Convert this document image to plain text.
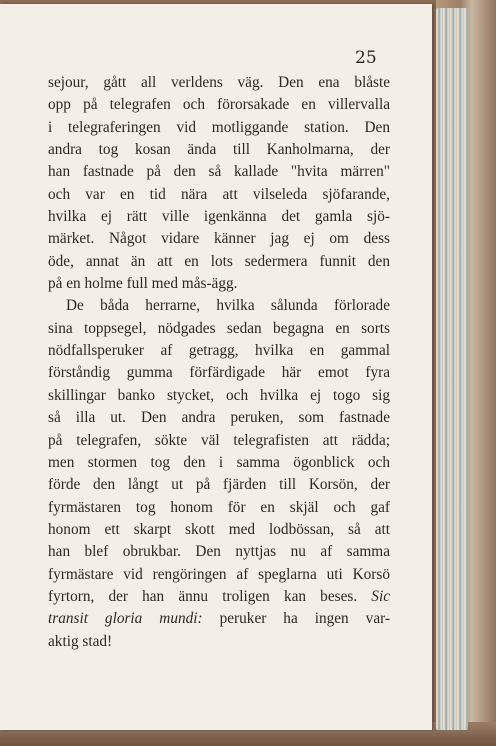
25
sejour, gått all verldens väg. Den ena blåste
opp på telegrafen och förorsakade en villervalla
i telegraferingen vid motliggande station. Den
andra tog kosan ända till Kanholmarna, der
han fastnade på den så kallade "hvita märren"
och var en tid nära att vilseleda sjöfarande,
hvilka ej rätt ville igenkänna det gamla sjö-
märket. Något vidare känner jag ej om dess
öde, annat än att en lots sedermera funnit den
på en holme full med mås-ägg.
De båda herrarne, hvilka sålunda förlorade
sina toppsegel, nödgades sedan begagna en sorts
nödfallsperuker af getragg, hvilka en gammal
förståndig gumma förfärdigade här emot fyra
skillingar banko stycket, och hvilka ej togo sig
så illa ut. Den andra peruken, som fastnade
på telegrafen, sökte väl telegrafisten att rädda;
men stormen tog den i samma ögonblick och
förde den långt ut på fjärden till Korsön, der
fyrmästaren tog honom för en skjäl och gaf
honom ett skarpt skott med lodbössan, så att
han blef obrukbar. Den nyttjas nu af samma
fyrmästare vid rengöringen af speglarna uti Korsö
fyrtorn, der han ännu troligen kan beses. Sic
transit gloria mundi: peruker ha ingen var-
aktig stad!
